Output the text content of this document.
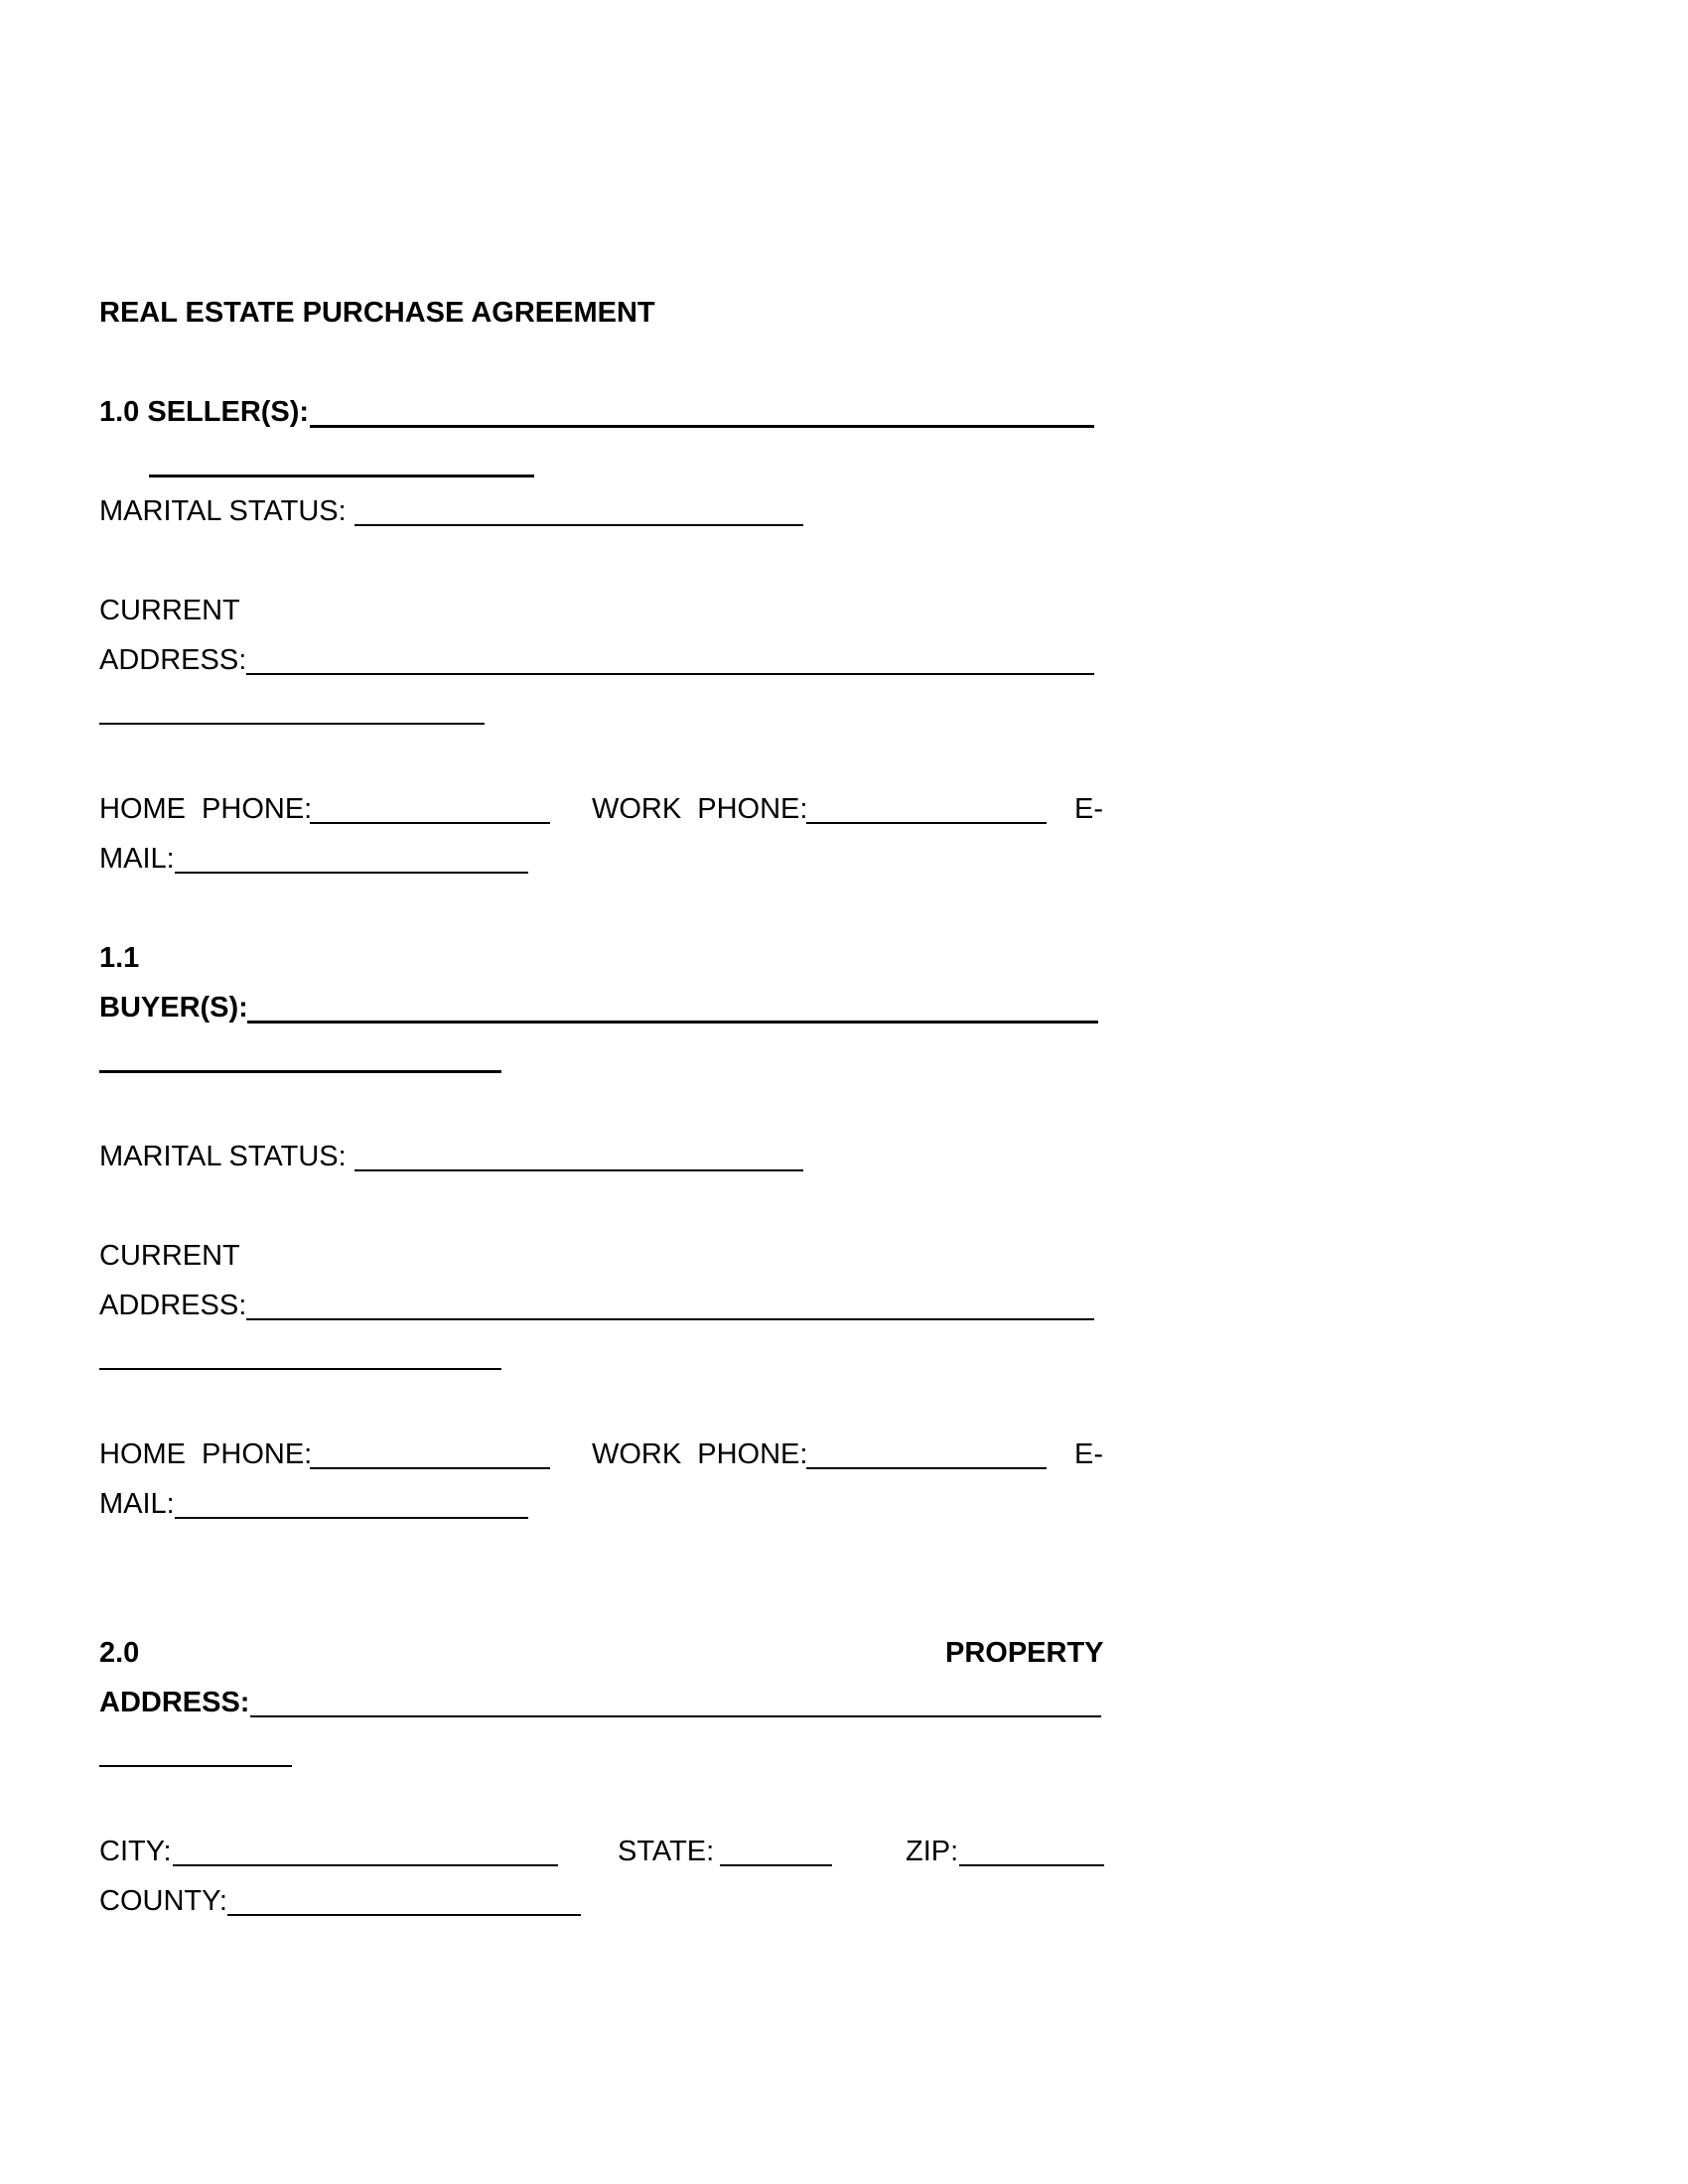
REAL ESTATE PURCHASE AGREEMENT
1.0 SELLER(S):
MARITAL STATUS:
CURRENT
ADDRESS:
HOME PHONE:	WORK PHONE:	E-
MAIL:
1.1
BUYER(S):
MARITAL STATUS:
CURRENT
ADDRESS:
HOME PHONE:	WORK PHONE:	E-
MAIL:
2.0	PROPERTY
ADDRESS:
CITY:	STATE:	ZIP:
COUNTY:
